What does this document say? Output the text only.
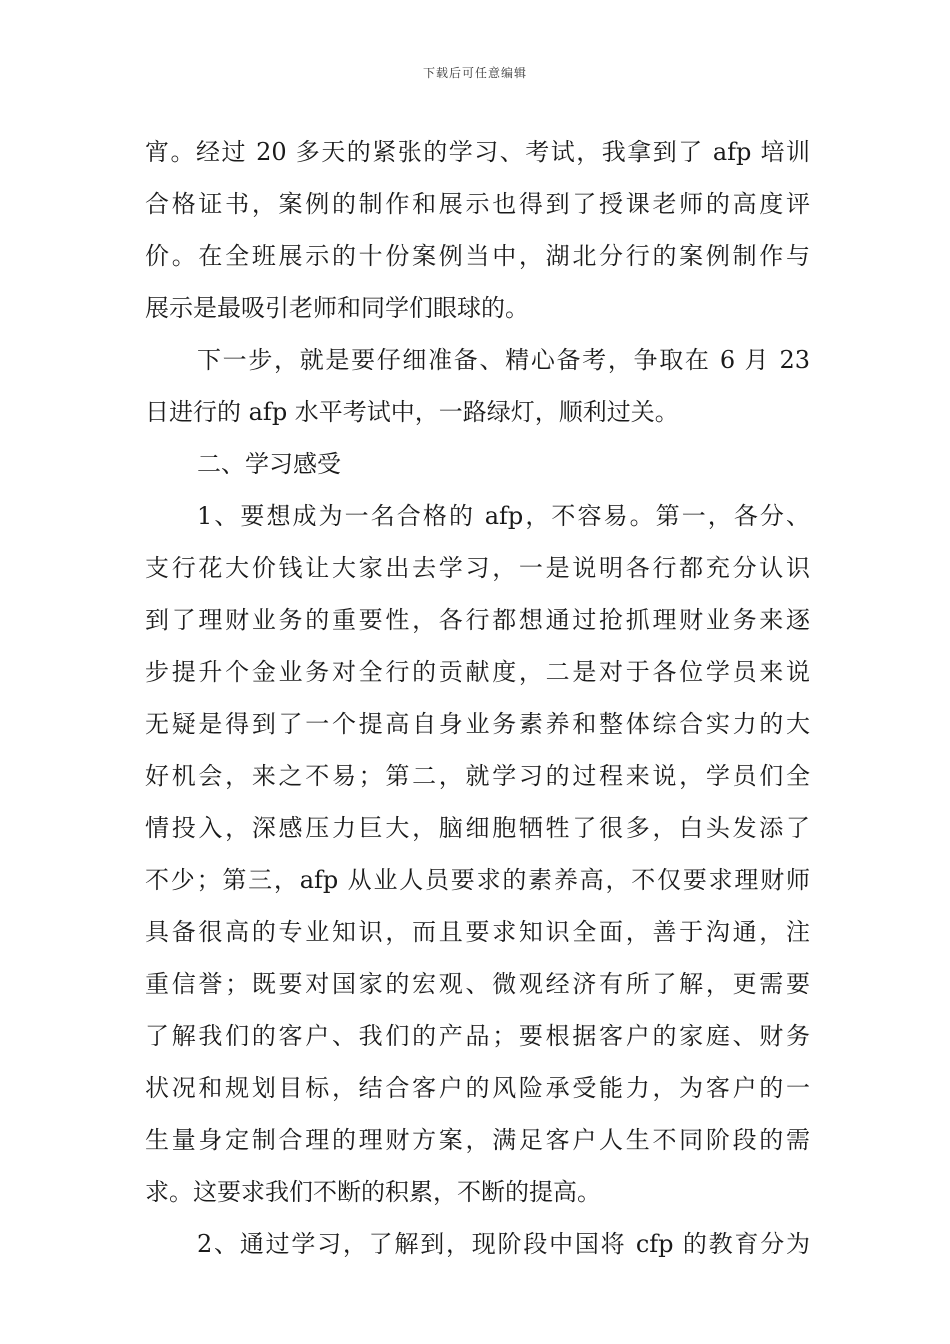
下载后可任意编辑
宵。经过 20 多天的紧张的学习、考试，我拿到了 afp 培训
合格证书，案例的制作和展示也得到了授课老师的高度评
价。在全班展示的十份案例当中，湖北分行的案例制作与
展示是最吸引老师和同学们眼球的。
下一步，就是要仔细准备、精心备考，争取在 6 月 23
日进行的 afp 水平考试中，一路绿灯，顺利过关。
二、学习感受
1、要想成为一名合格的 afp，不容易。第一，各分、
支行花大价钱让大家出去学习，一是说明各行都充分认识
到了理财业务的重要性，各行都想通过抢抓理财业务来逐
步提升个金业务对全行的贡献度，二是对于各位学员来说
无疑是得到了一个提高自身业务素养和整体综合实力的大
好机会，来之不易；第二，就学习的过程来说，学员们全
情投入，深感压力巨大，脑细胞牺牲了很多，白头发添了
不少；第三，afp 从业人员要求的素养高，不仅要求理财师
具备很高的专业知识，而且要求知识全面，善于沟通，注
重信誉；既要对国家的宏观、微观经济有所了解，更需要
了解我们的客户、我们的产品；要根据客户的家庭、财务
状况和规划目标，结合客户的风险承受能力，为客户的一
生量身定制合理的理财方案，满足客户人生不同阶段的需
求。这要求我们不断的积累，不断的提高。
2、通过学习，了解到，现阶段中国将 cfp 的教育分为
